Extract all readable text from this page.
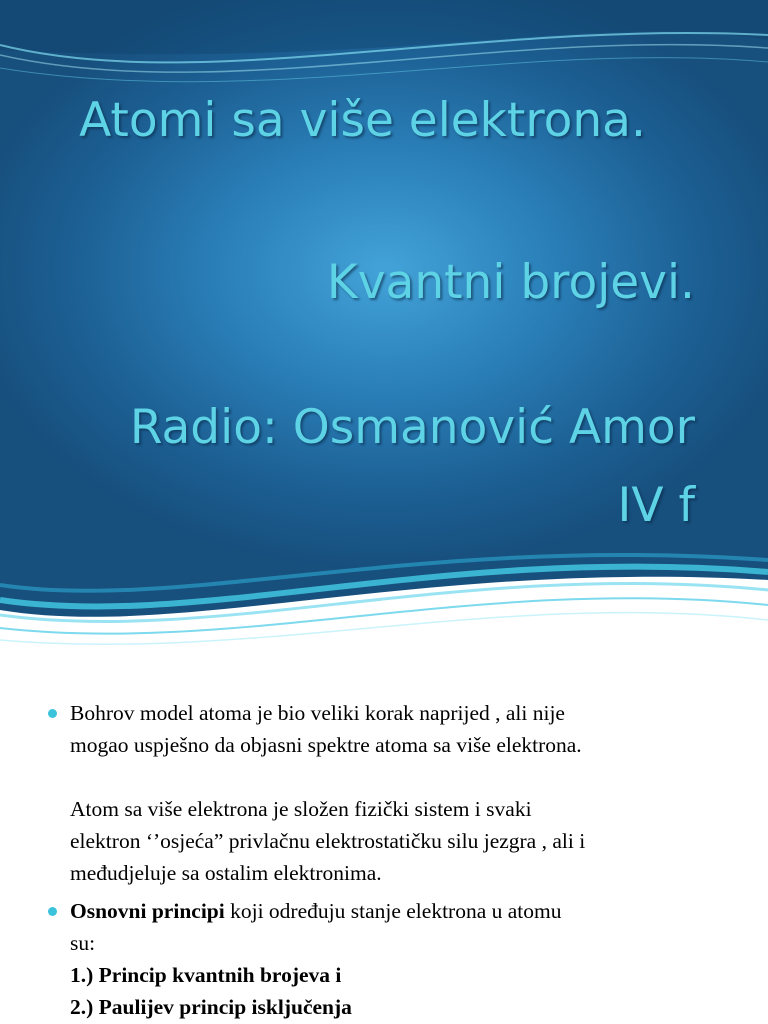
Atomi sa više elektrona.
Kvantni brojevi.
Radio: Osmanović Amor
IV f
Bohrov model atoma je bio veliki korak naprijed , ali nije
mogao uspješno da objasni spektre atoma sa više elektrona.
Atom sa više elektrona je složen fizički sistem i svaki
elektron ‘’osjeća” privlačnu elektrostatičku silu jezgra , ali i
međudjeluje sa ostalim elektronima.
Osnovni principi koji određuju stanje elektrona u atomu
su:
1.) Princip kvantnih brojeva i
2.) Paulijev princip isključenja
